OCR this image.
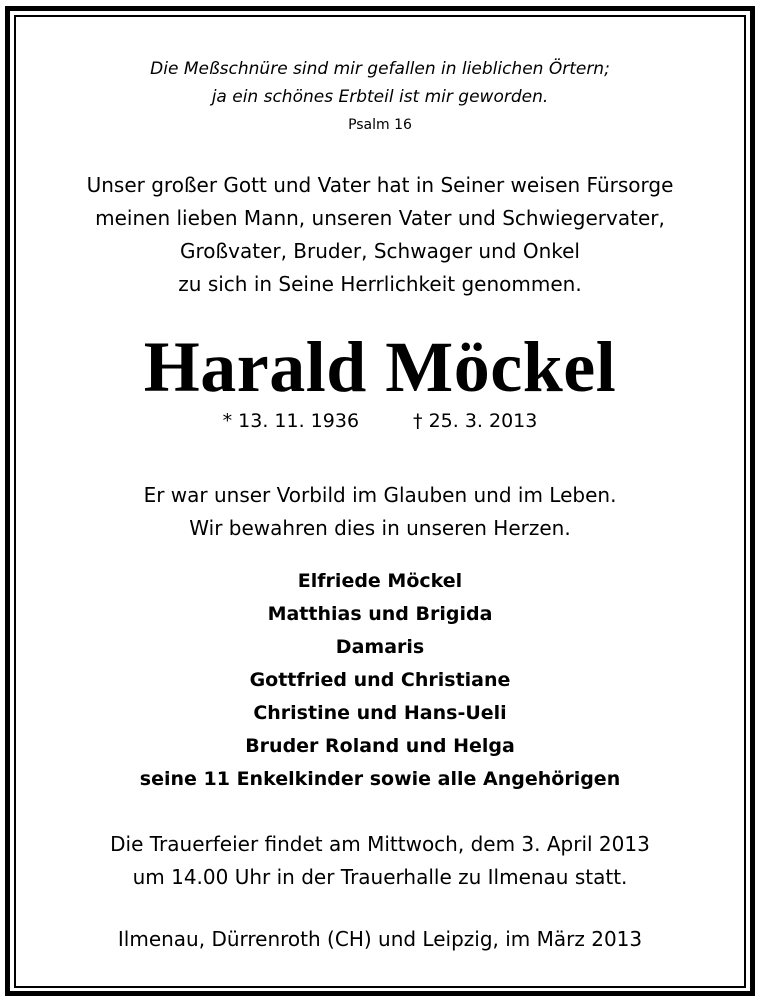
Die Meßschnüre sind mir gefallen in lieblichen Örtern;
ja ein schönes Erbteil ist mir geworden.
Psalm 16
Unser großer Gott und Vater hat in Seiner weisen Fürsorge
meinen lieben Mann, unseren Vater und Schwiegervater,
Großvater, Bruder, Schwager und Onkel
zu sich in Seine Herrlichkeit genommen.
Harald Möckel
* 13. 11. 1936	† 25. 3. 2013
Er war unser Vorbild im Glauben und im Leben.
Wir bewahren dies in unseren Herzen.
Elfriede Möckel
Matthias und Brigida
Damaris
Gottfried und Christiane
Christine und Hans-Ueli
Bruder Roland und Helga
seine 11 Enkelkinder sowie alle Angehörigen
Die Trauerfeier findet am Mittwoch, dem 3. April 2013
um 14.00 Uhr in der Trauerhalle zu Ilmenau statt.
Ilmenau, Dürrenroth (CH) und Leipzig, im März 2013
